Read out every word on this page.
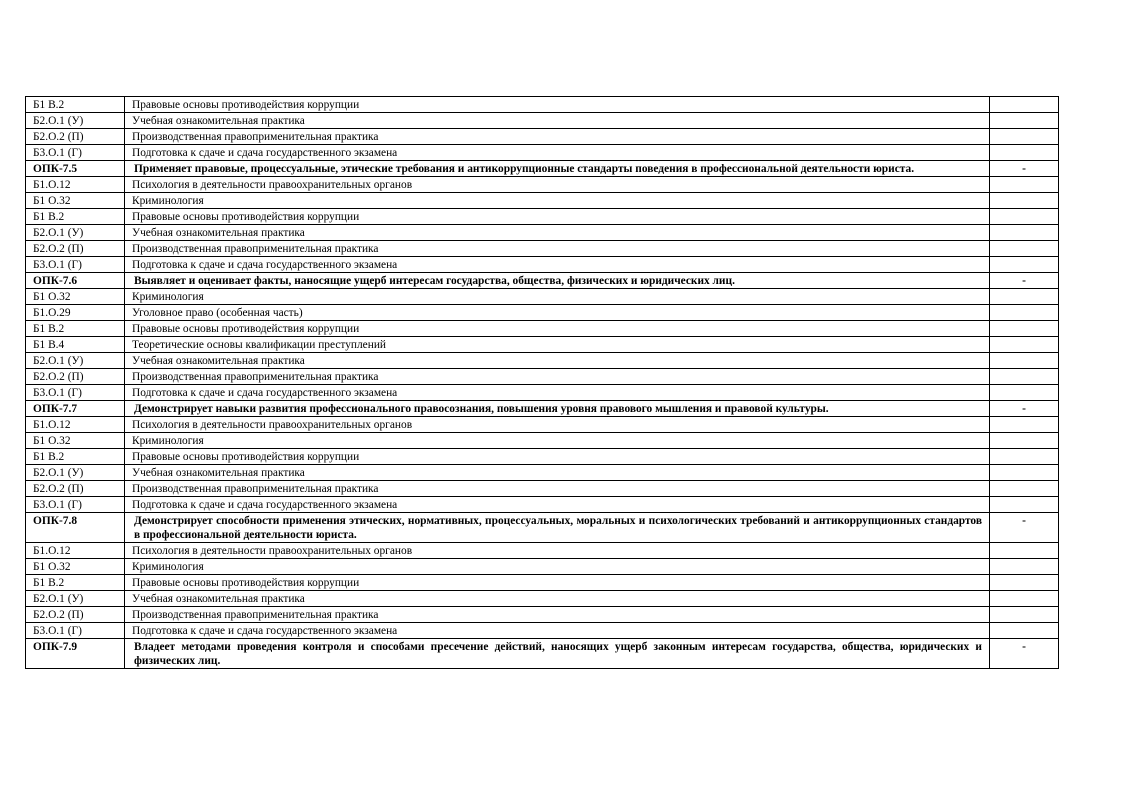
Б1 В.2	Правовые основы противодействия коррупции	
Б2.О.1 (У)	Учебная ознакомительная практика	
Б2.О.2 (П)	Производственная правоприменительная практика	
Б3.О.1 (Г)	Подготовка к сдаче и сдача государственного экзамена	
ОПК-7.5	Применяет правовые, процессуальные, этические требования и антикоррупционные стандарты поведения в профессиональной деятельности юриста.	-
Б1.О.12	Психология в деятельности правоохранительных органов	
Б1 О.32	Криминология	
Б1 В.2	Правовые основы противодействия коррупции	
Б2.О.1 (У)	Учебная ознакомительная практика	
Б2.О.2 (П)	Производственная правоприменительная практика	
Б3.О.1 (Г)	Подготовка к сдаче и сдача государственного экзамена	
ОПК-7.6	Выявляет и оценивает факты, наносящие ущерб интересам государства, общества, физических и юридических лиц.	-
Б1 О.32	Криминология	
Б1.О.29	Уголовное право (особенная часть)	
Б1 В.2	Правовые основы противодействия коррупции	
Б1 В.4	Теоретические основы квалификации преступлений	
Б2.О.1 (У)	Учебная ознакомительная практика	
Б2.О.2 (П)	Производственная правоприменительная практика	
Б3.О.1 (Г)	Подготовка к сдаче и сдача государственного экзамена	
ОПК-7.7	Демонстрирует навыки развития профессионального правосознания, повышения уровня правового мышления и правовой культуры.	-
Б1.О.12	Психология в деятельности правоохранительных органов	
Б1 О.32	Криминология	
Б1 В.2	Правовые основы противодействия коррупции	
Б2.О.1 (У)	Учебная ознакомительная практика	
Б2.О.2 (П)	Производственная правоприменительная практика	
Б3.О.1 (Г)	Подготовка к сдаче и сдача государственного экзамена	
ОПК-7.8	Демонстрирует способности применения этических, нормативных, процессуальных, моральных и психологических требований и антикоррупционных стандартов в профессиональной деятельности юриста.	-
Б1.О.12	Психология в деятельности правоохранительных органов	
Б1 О.32	Криминология	
Б1 В.2	Правовые основы противодействия коррупции	
Б2.О.1 (У)	Учебная ознакомительная практика	
Б2.О.2 (П)	Производственная правоприменительная практика	
Б3.О.1 (Г)	Подготовка к сдаче и сдача государственного экзамена	
ОПК-7.9	Владеет методами проведения контроля и способами пресечение действий, наносящих ущерб законным интересам государства, общества, юридических и физических лиц.	-
